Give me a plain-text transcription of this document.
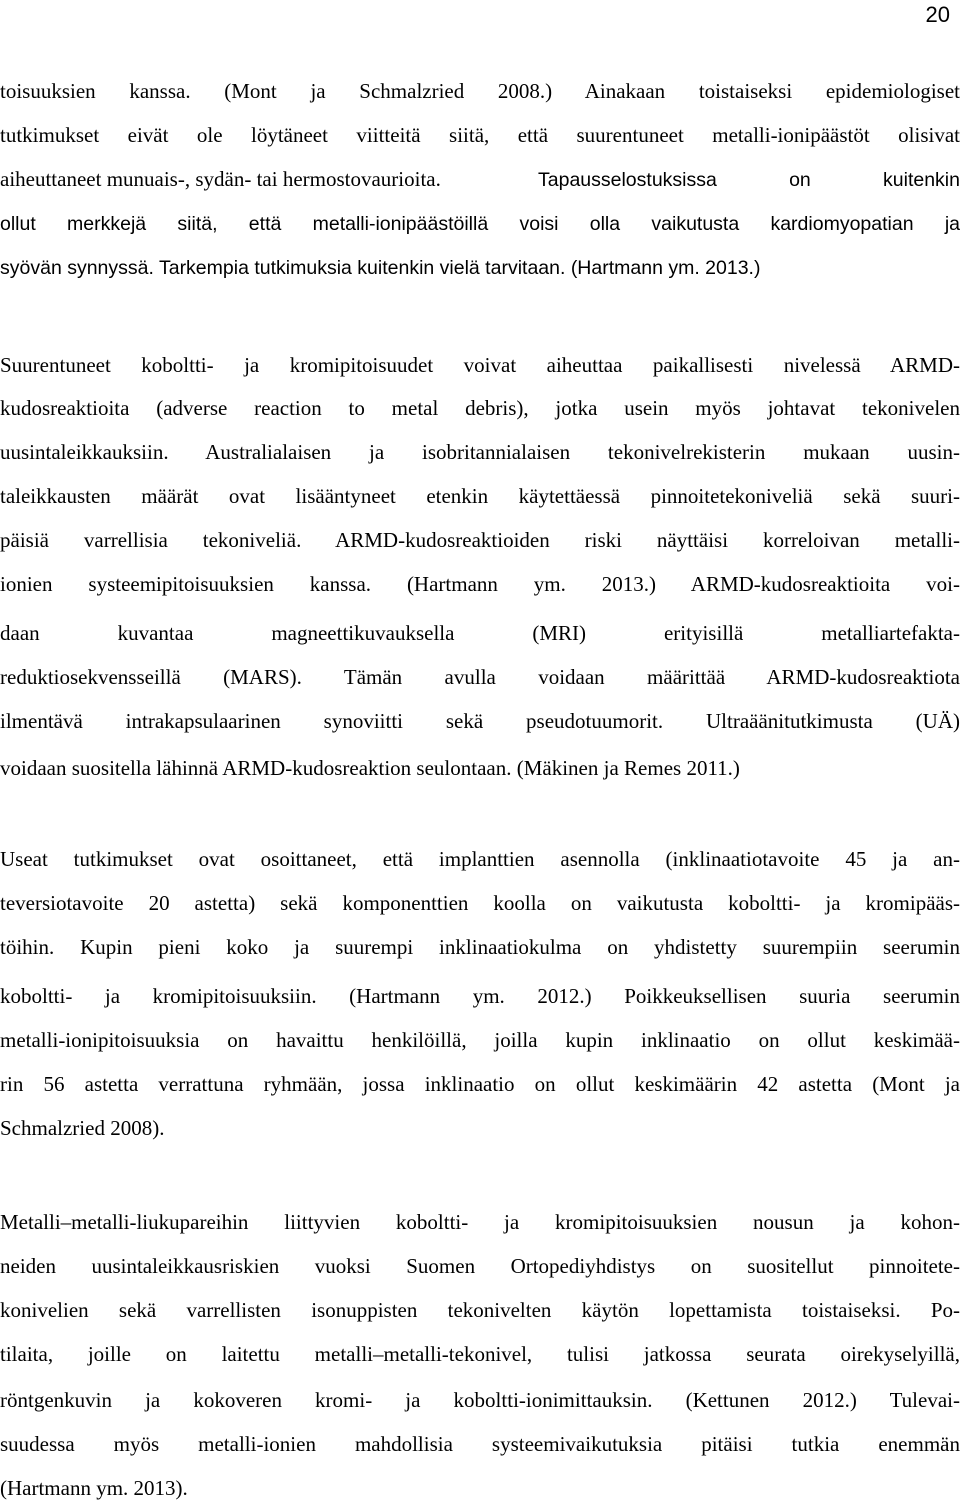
20

toisuuksien kanssa. (Mont ja Schmalzried 2008.) Ainakaan toistaiseksi epidemiologiset

tutkimukset eivät ole löytäneet viitteitä siitä, että suurentuneet metalli-ionipäästöt olisivat

aiheuttaneet munuais-, sydän- tai hermostovaurioita.	Tapausselostuksissa on kuitenkin

ollut merkkejä siitä, että metalli-ionipäästöillä voisi olla vaikutusta kardiomyopatian ja

syövän synnyssä. Tarkempia tutkimuksia kuitenkin vielä tarvitaan. (Hartmann ym. 2013.)

Suurentuneet koboltti- ja kromipitoisuudet voivat aiheuttaa paikallisesti nivelessä ARMD-

kudosreaktioita (adverse reaction to metal debris), jotka usein myös johtavat tekonivelen

uusintaleikkauksiin. Australialaisen ja isobritannialaisen tekonivelrekisterin mukaan uusin-

taleikkausten määrät ovat lisääntyneet etenkin käytettäessä pinnoitetekoniveliä sekä suuri-

päisiä varrellisia tekoniveliä. ARMD-kudosreaktioiden riski näyttäisi korreloivan metalli-

ionien systeemipitoisuuksien kanssa. (Hartmann ym. 2013.) ARMD-kudosreaktioita voi-

daan kuvantaa magneettikuvauksella (MRI) erityisillä metalliartefakta-

reduktiosekvensseillä (MARS). Tämän avulla voidaan määrittää ARMD-kudosreaktiota

ilmentävä intrakapsulaarinen synoviitti sekä pseudotuumorit. Ultraäänitutkimusta (UÄ)

voidaan suositella lähinnä ARMD-kudosreaktion seulontaan. (Mäkinen ja Remes 2011.)

Useat tutkimukset ovat osoittaneet, että implanttien asennolla (inklinaatiotavoite 45 ja an-

teversiotavoite 20 astetta) sekä komponenttien koolla on vaikutusta koboltti- ja kromipääs-

töihin. Kupin pieni koko ja suurempi inklinaatiokulma on yhdistetty suurempiin seerumin

koboltti- ja kromipitoisuuksiin. (Hartmann ym. 2012.) Poikkeuksellisen suuria seerumin

metalli-ionipitoisuuksia on havaittu henkilöillä, joilla kupin inklinaatio on ollut keskimää-

rin 56 astetta verrattuna ryhmään, jossa inklinaatio on ollut keskimäärin 42 astetta (Mont ja

Schmalzried 2008).

Metalli–metalli-liukupareihin liittyvien koboltti- ja kromipitoisuuksien nousun ja kohon-

neiden uusintaleikkausriskien vuoksi Suomen Ortopediyhdistys on suositellut pinnoitete-

konivelien sekä varrellisten isonuppisten tekonivelten käytön lopettamista toistaiseksi. Po-

tilaita, joille on laitettu metalli–metalli-tekonivel, tulisi jatkossa seurata oirekyselyillä,

röntgenkuvin ja kokoveren kromi- ja koboltti-ionimittauksin. (Kettunen 2012.) Tulevai-

suudessa myös metalli-ionien mahdollisia systeemivaikutuksia pitäisi tutkia enemmän

(Hartmann ym. 2013).
